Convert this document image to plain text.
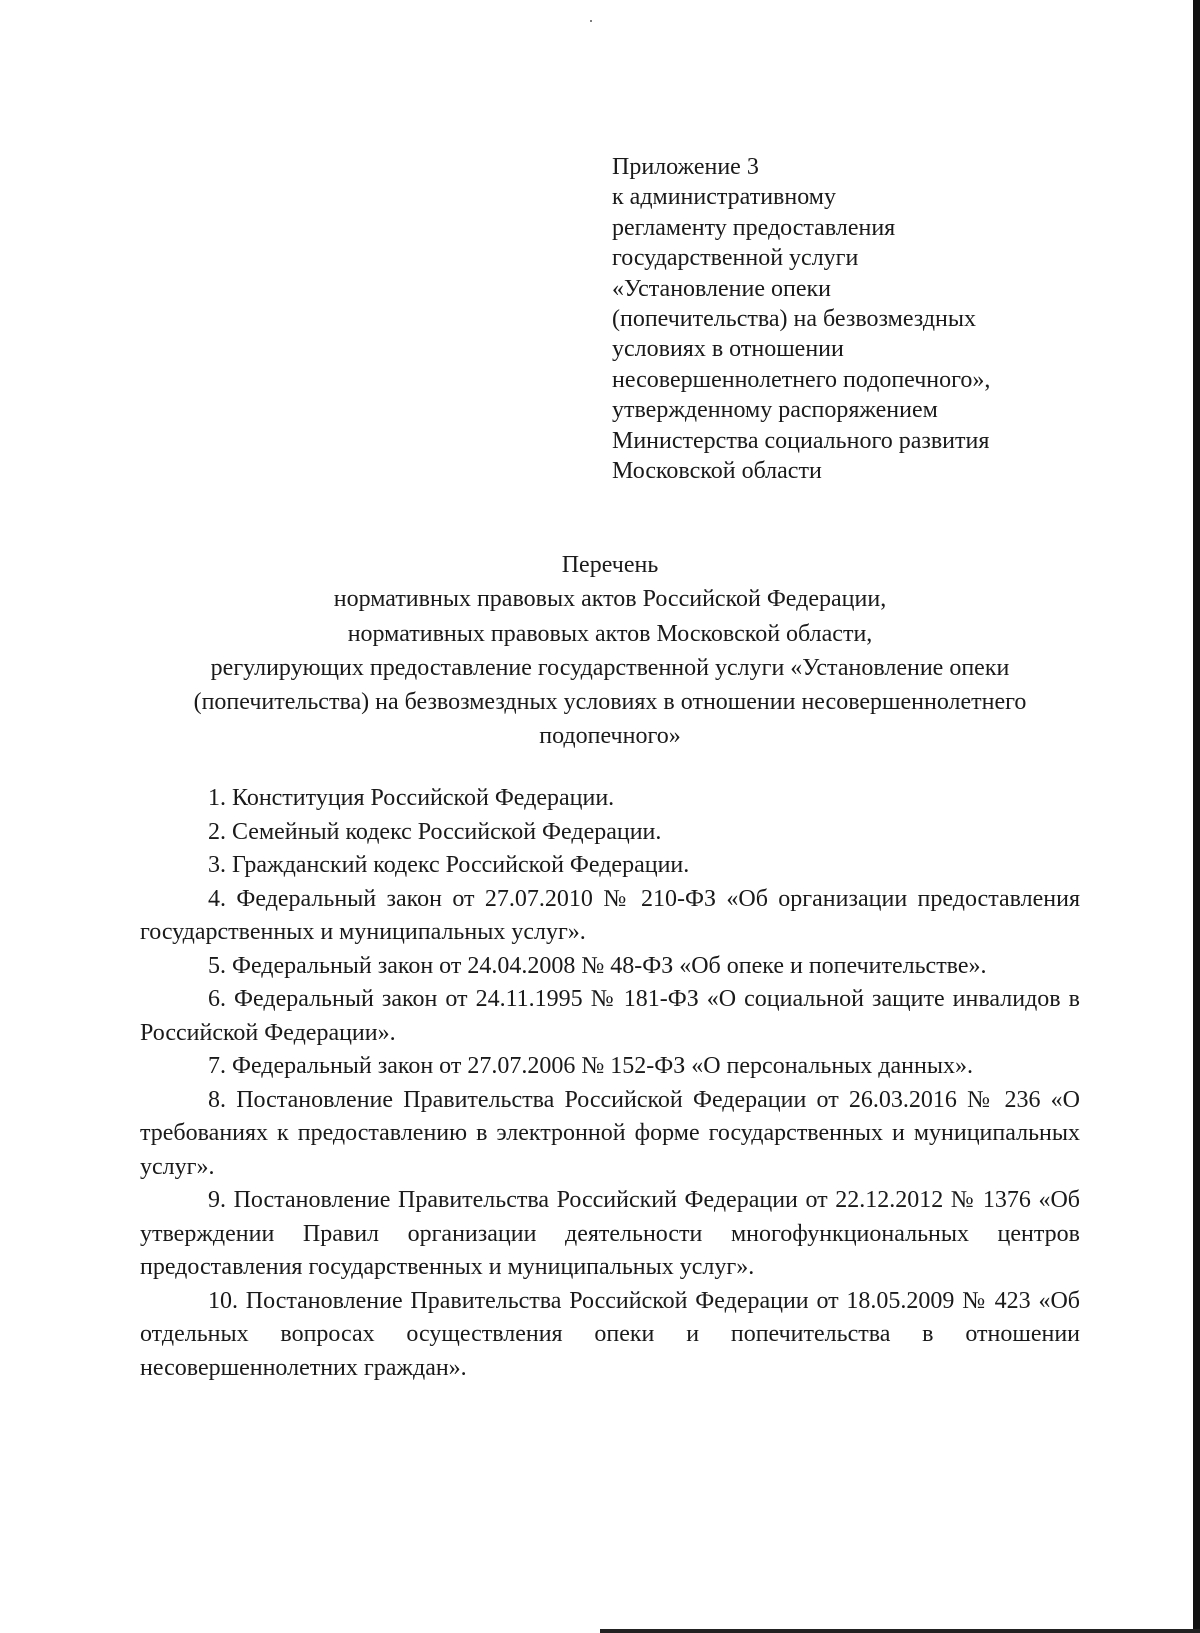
Приложение 3
к административному
регламенту предоставления
государственной услуги
«Установление опеки
(попечительства) на безвозмездных
условиях в отношении
несовершеннолетнего подопечного»,
утвержденному распоряжением
Министерства социального развития
Московской области
Перечень
нормативных правовых актов Российской Федерации,
нормативных правовых актов Московской области,
регулирующих предоставление государственной услуги «Установление опеки
(попечительства) на безвозмездных условиях в отношении несовершеннолетнего
подопечного»

1. Конституция Российской Федерации.

2. Семейный кодекс Российской Федерации.

3. Гражданский кодекс Российской Федерации.

4. Федеральный закон от 27.07.2010 № 210-ФЗ «Об организации предоставления государственных и муниципальных услуг».

5. Федеральный закон от 24.04.2008 № 48-ФЗ «Об опеке и попечительстве».

6. Федеральный закон от 24.11.1995 № 181-ФЗ «О социальной защите инвалидов в Российской Федерации».

7. Федеральный закон от 27.07.2006 № 152-ФЗ «О персональных данных».

8. Постановление Правительства Российской Федерации от 26.03.2016 № 236 «О требованиях к предоставлению в электронной форме государственных и муниципальных услуг».

9. Постановление Правительства Российский Федерации от 22.12.2012 № 1376 «Об утверждении Правил организации деятельности многофункциональных центров предоставления государственных и муниципальных услуг».

10. Постановление Правительства Российской Федерации от 18.05.2009 № 423 «Об отдельных вопросах осуществления опеки и попечительства в отношении несовершеннолетних граждан».
